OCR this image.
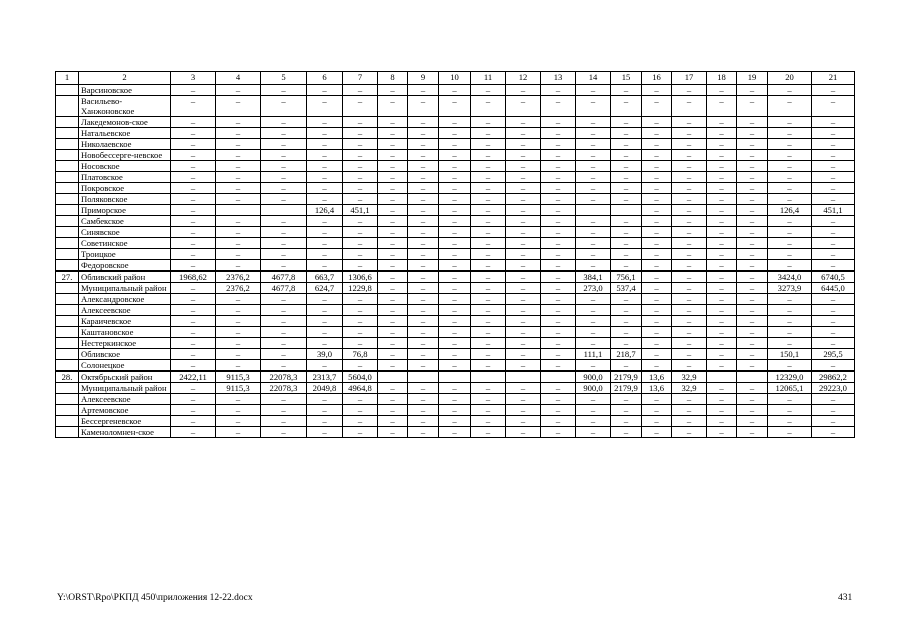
1	2	3	4	5	6	7	8	9	10	11	12	13	14	15	16	17	18	19	20	21
	Варсиновское	–	–	–	–	–	–	–	–	–	–	–	–	–	–	–	–	–	–	–
	Васильево-Ханжоновское	–	–	–	–	–	–	–	–	–	–	–	–	–	–	–	–	–	–	–
	Лакедемонов-ское	–	–	–	–	–	–	–	–	–	–	–	–	–	–	–	–	–	–	–
	Натальевское	–	–	–	–	–	–	–	–	–	–	–	–	–	–	–	–	–	–	–
	Николаевское	–	–	–	–	–	–	–	–	–	–	–	–	–	–	–	–	–	–	–
	Новобессерге-невское	–	–	–	–	–	–	–	–	–	–	–	–	–	–	–	–	–	–	–
	Носовское	–	–	–	–	–	–	–	–	–	–	–	–	–	–	–	–	–	–	–
	Платовское	–	–	–	–	–	–	–	–	–	–	–	–	–	–	–	–	–	–	–
	Покровское	–	–	–	–	–	–	–	–	–	–	–	–	–	–	–	–	–	–	–
	Поляковское	–	–	–	–	–	–	–	–	–	–	–	–	–	–	–	–	–	–	–
	Приморское	–			126,4	451,1	–	–	–	–	–	–			–	–	–	–	126,4	451,1
	Самбекское	–	–	–	–	–	–	–	–	–	–	–	–	–	–	–	–	–	–	–
	Синявское	–	–	–	–	–	–	–	–	–	–	–	–	–	–	–	–	–	–	–
	Советинское	–	–	–	–	–	–	–	–	–	–	–	–	–	–	–	–	–	–	–
	Троицкое	–	–	–	–	–	–	–	–	–	–	–	–	–	–	–	–	–	–	–
	Федоровское	–	–	–	–	–	–	–	–	–	–	–	–	–	–	–	–	–	–	–
27.	Обливский район	1968,62	2376,2	4677,8	663,7	1306,6	–	–	–	–	–	–	384,1	756,1	–	–	–	–	3424,0	6740,5
	Муниципальный район	–	2376,2	4677,8	624,7	1229,8	–	–	–	–	–	–	273,0	537,4	–	–	–	–	3273,9	6445,0
	Александровское	–	–	–	–	–	–	–	–	–	–	–	–	–	–	–	–	–	–	–
	Алексеевское	–	–	–	–	–	–	–	–	–	–	–	–	–	–	–	–	–	–	–
	Караичевское	–	–	–	–	–	–	–	–	–	–	–	–	–	–	–	–	–	–	–
	Каштановское	–	–	–	–	–	–	–	–	–	–	–	–	–	–	–	–	–	–	–
	Нестеркинское	–	–	–	–	–	–	–	–	–	–	–	–	–	–	–	–	–	–	–
	Обливское	–	–	–	39,0	76,8	–	–	–	–	–	–	111,1	218,7	–	–	–	–	150,1	295,5
	Солонецкое	–	–	–	–	–	–	–	–	–	–	–	–	–	–	–	–	–	–	–
28.	Октябрьский район	2422,11	9115,3	22078,3	2313,7	5604,0							900,0	2179,9	13,6	32,9			12329,0	29862,2
	Муниципальный район	–	9115,3	22078,3	2049,8	4964,8	–	–	–	–	–	–	900,0	2179,9	13,6	32,9	–	–	12065,1	29223,0
	Алексеевское	–	–	–	–	–	–	–	–	–	–	–	–	–	–	–	–	–	–	–
	Артемовское	–	–	–	–	–	–	–	–	–	–	–	–	–	–	–	–	–	–	–
	Бессергеневское	–	–	–	–	–	–	–	–	–	–	–	–	–	–	–	–	–	–	–
	Каменоломнен-ское	–	–	–	–	–	–	–	–	–	–	–	–	–	–	–	–	–	–	–
Y:\ORST\Rpo\РКПД 450\приложения 12-22.docx	431
